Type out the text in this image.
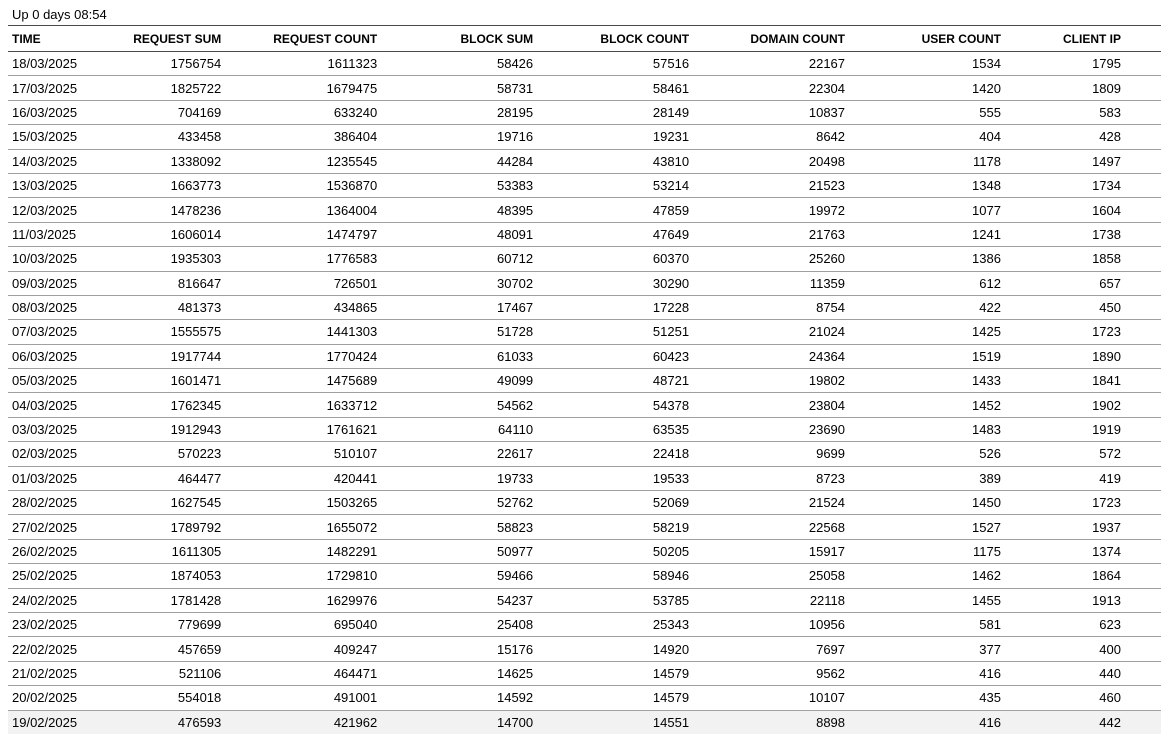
Up 0 days 08:54
TIME	REQUEST SUM	REQUEST COUNT	BLOCK SUM	BLOCK COUNT	DOMAIN COUNT	USER COUNT	CLIENT IP
18/03/2025	1756754	1611323	58426	57516	22167	1534	1795
17/03/2025	1825722	1679475	58731	58461	22304	1420	1809
16/03/2025	704169	633240	28195	28149	10837	555	583
15/03/2025	433458	386404	19716	19231	8642	404	428
14/03/2025	1338092	1235545	44284	43810	20498	1178	1497
13/03/2025	1663773	1536870	53383	53214	21523	1348	1734
12/03/2025	1478236	1364004	48395	47859	19972	1077	1604
11/03/2025	1606014	1474797	48091	47649	21763	1241	1738
10/03/2025	1935303	1776583	60712	60370	25260	1386	1858
09/03/2025	816647	726501	30702	30290	11359	612	657
08/03/2025	481373	434865	17467	17228	8754	422	450
07/03/2025	1555575	1441303	51728	51251	21024	1425	1723
06/03/2025	1917744	1770424	61033	60423	24364	1519	1890
05/03/2025	1601471	1475689	49099	48721	19802	1433	1841
04/03/2025	1762345	1633712	54562	54378	23804	1452	1902
03/03/2025	1912943	1761621	64110	63535	23690	1483	1919
02/03/2025	570223	510107	22617	22418	9699	526	572
01/03/2025	464477	420441	19733	19533	8723	389	419
28/02/2025	1627545	1503265	52762	52069	21524	1450	1723
27/02/2025	1789792	1655072	58823	58219	22568	1527	1937
26/02/2025	1611305	1482291	50977	50205	15917	1175	1374
25/02/2025	1874053	1729810	59466	58946	25058	1462	1864
24/02/2025	1781428	1629976	54237	53785	22118	1455	1913
23/02/2025	779699	695040	25408	25343	10956	581	623
22/02/2025	457659	409247	15176	14920	7697	377	400
21/02/2025	521106	464471	14625	14579	9562	416	440
20/02/2025	554018	491001	14592	14579	10107	435	460
19/02/2025	476593	421962	14700	14551	8898	416	442
